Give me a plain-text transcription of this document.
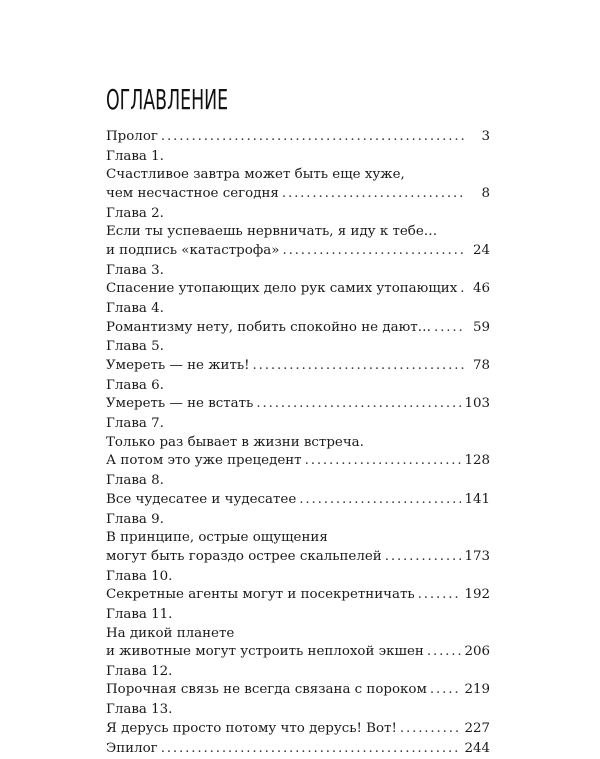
ОГЛАВЛЕНИЕ
Пролог . . .	3
Глава 1.
Счастливое завтра может быть еще хуже,
чем несчастное сегодня . . .	8
Глава 2.
Если ты успеваешь нервничать, я иду к тебе…
и подпись «катастрофа» . . .	24
Глава 3.
Спасение утопающих дело рук самих утопающих . . .	46
Глава 4.
Романтизму нету, побить спокойно не дают… . . .	59
Глава 5.
Умереть — не жить! . . .	78
Глава 6.
Умереть — не встать . . .	103
Глава 7.
Только раз бывает в жизни встреча.
А потом это уже прецедент . . .	128
Глава 8.
Все чудесатее и чудесатее . . .	141
Глава 9.
В принципе, острые ощущения
могут быть гораздо острее скальпелей . . .	173
Глава 10.
Секретные агенты могут и посекретничать . . .	192
Глава 11.
На дикой планете
и животные могут устроить неплохой экшен . . .	206
Глава 12.
Порочная связь не всегда связана с пороком . . .	219
Глава 13.
Я дерусь просто потому что дерусь! Вот! . . .	227
Эпилог . . .	244
